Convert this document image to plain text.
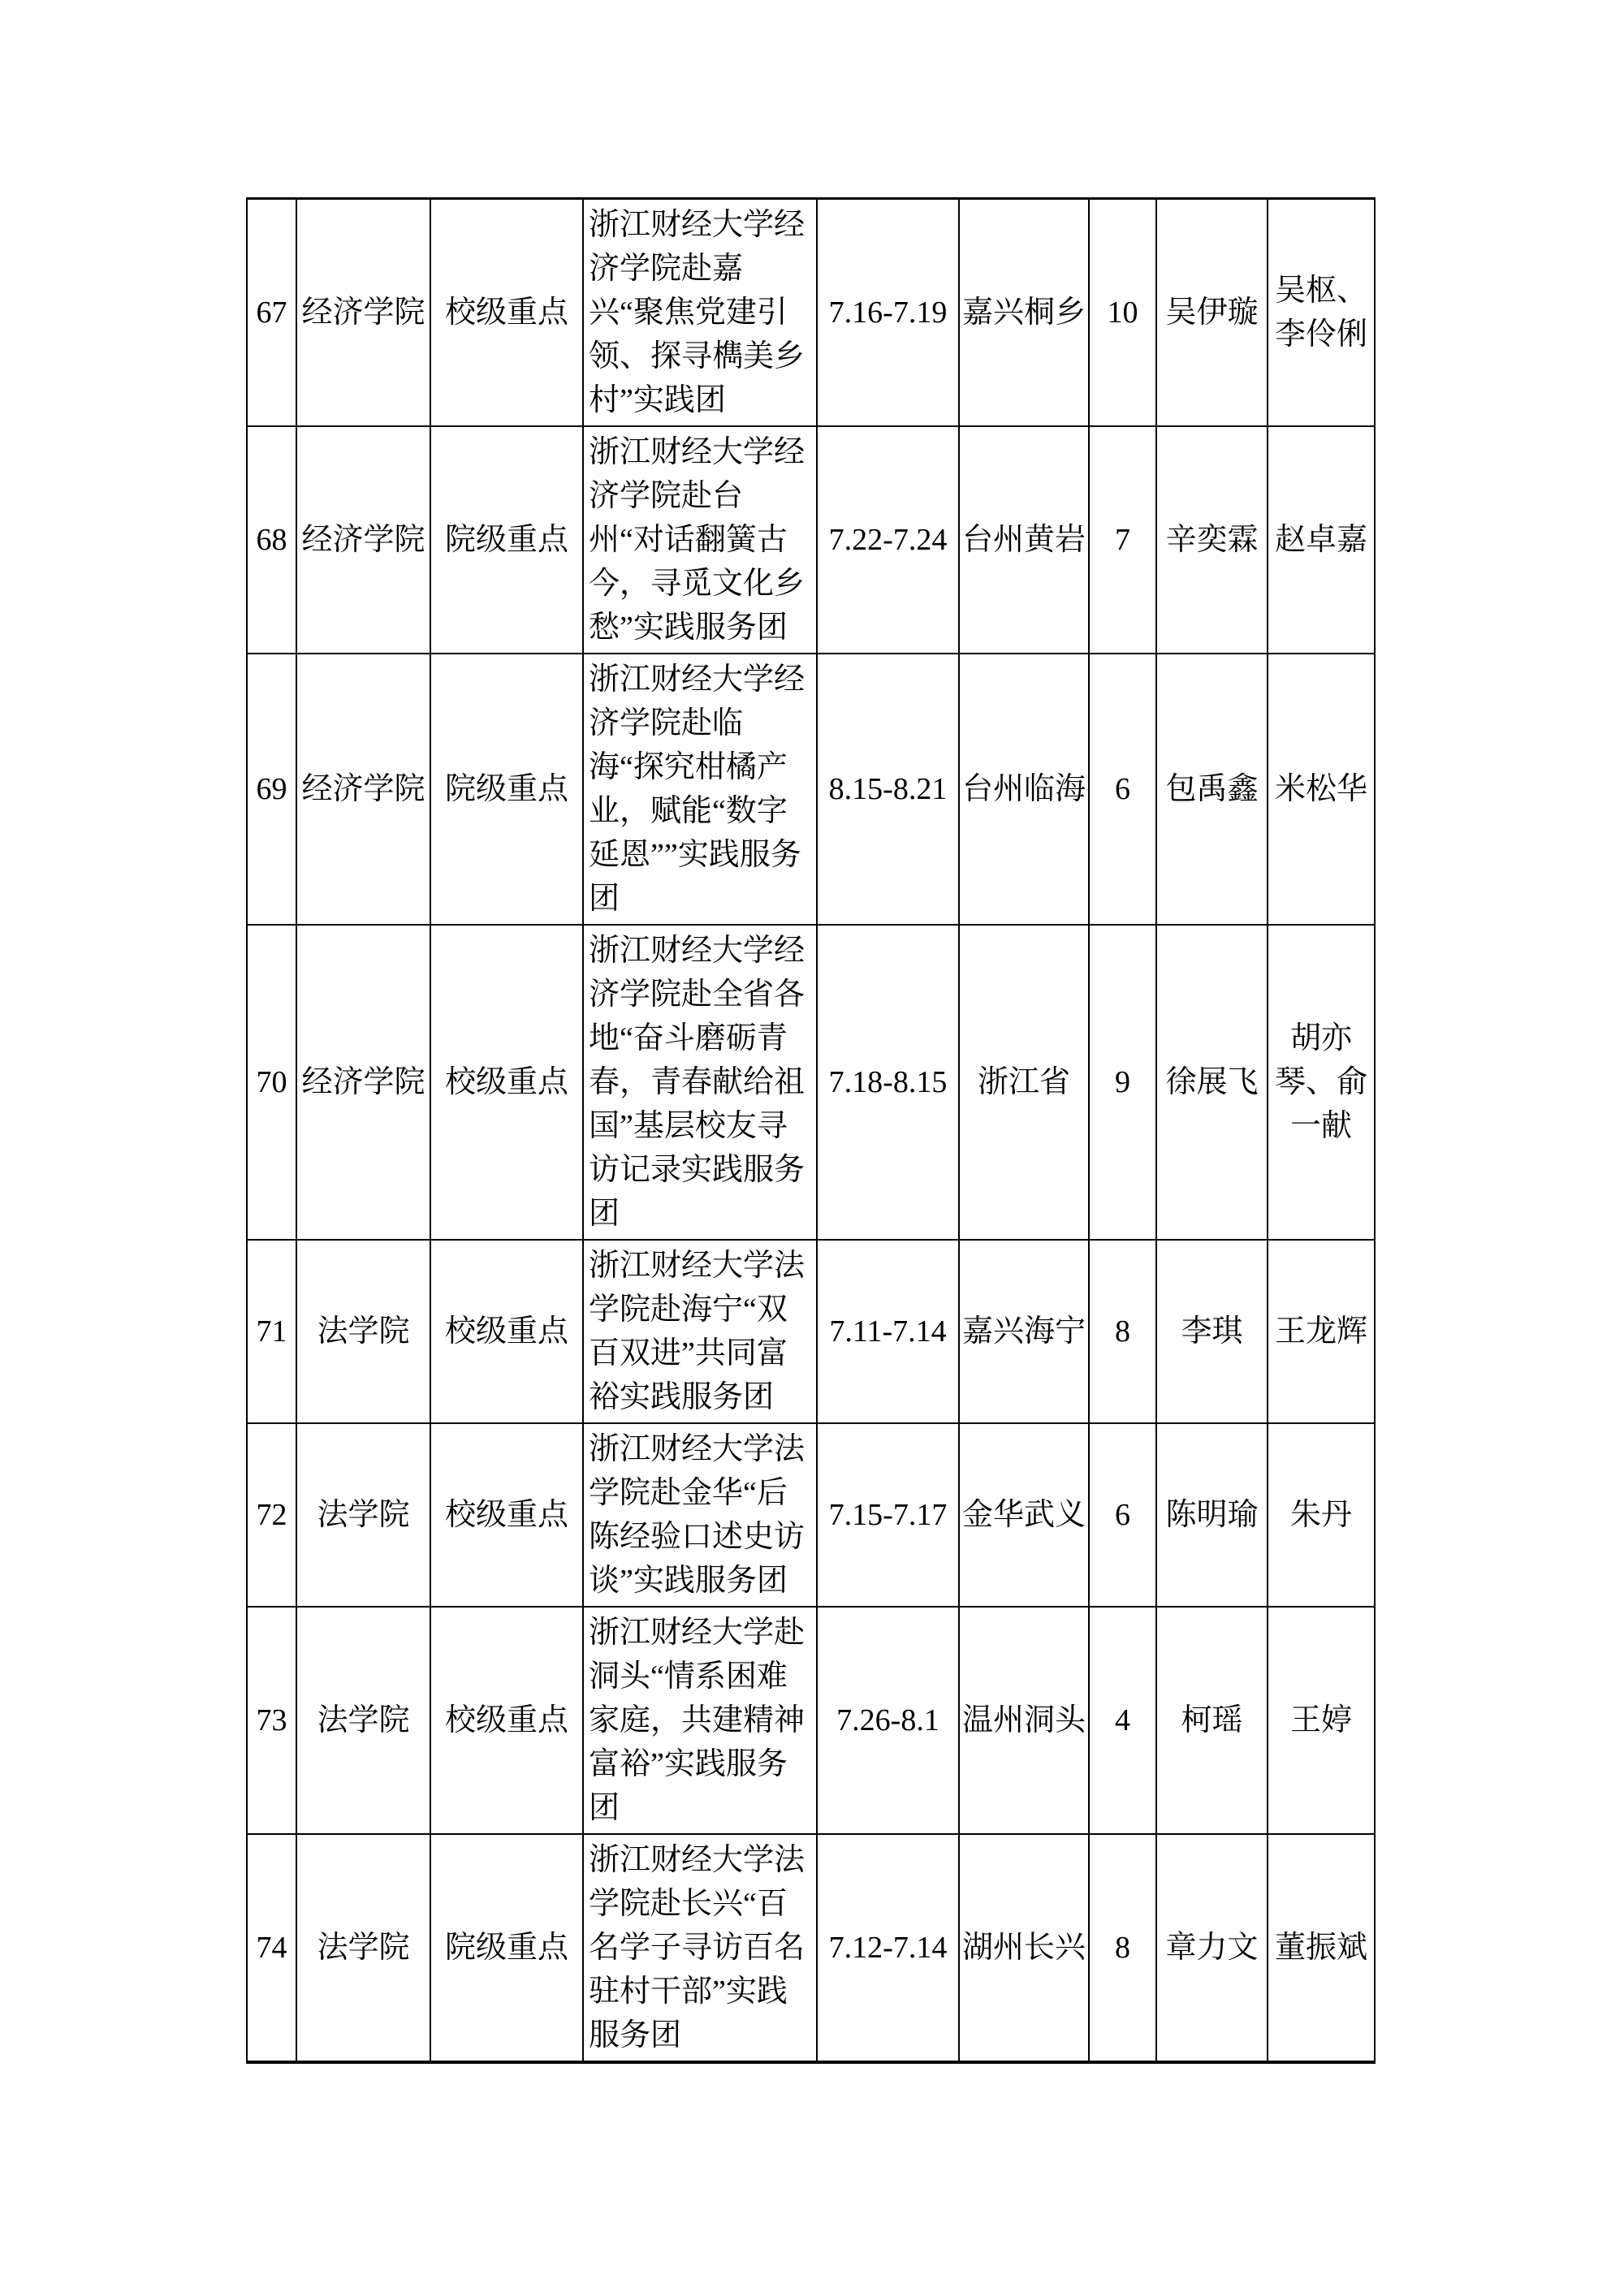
67	经济学院	校级重点	浙江财经大学经济学院赴嘉兴“聚焦党建引领、探寻檇美乡村”实践团	7.16-7.19	嘉兴桐乡	10	吴伊璇	吴枢、李伶俐
68	经济学院	院级重点	浙江财经大学经济学院赴台州“对话翻簧古今，寻觅文化乡愁”实践服务团	7.22-7.24	台州黄岩	7	辛奕霖	赵卓嘉
69	经济学院	院级重点	浙江财经大学经济学院赴临海“探究柑橘产业，赋能“数字延恩””实践服务团	8.15-8.21	台州临海	6	包禹鑫	米松华
70	经济学院	校级重点	浙江财经大学经济学院赴全省各地“奋斗磨砺青春，青春献给祖国”基层校友寻访记录实践服务团	7.18-8.15	浙江省	9	徐展飞	胡亦琴、俞一献
71	法学院	校级重点	浙江财经大学法学院赴海宁“双百双进”共同富裕实践服务团	7.11-7.14	嘉兴海宁	8	李琪	王龙辉
72	法学院	校级重点	浙江财经大学法学院赴金华“后陈经验口述史访谈”实践服务团	7.15-7.17	金华武义	6	陈明瑜	朱丹
73	法学院	校级重点	浙江财经大学赴洞头“情系困难家庭，共建精神富裕”实践服务团	7.26-8.1	温州洞头	4	柯瑶	王婷
74	法学院	院级重点	浙江财经大学法学院赴长兴“百名学子寻访百名驻村干部”实践服务团	7.12-7.14	湖州长兴	8	章力文	董振斌
